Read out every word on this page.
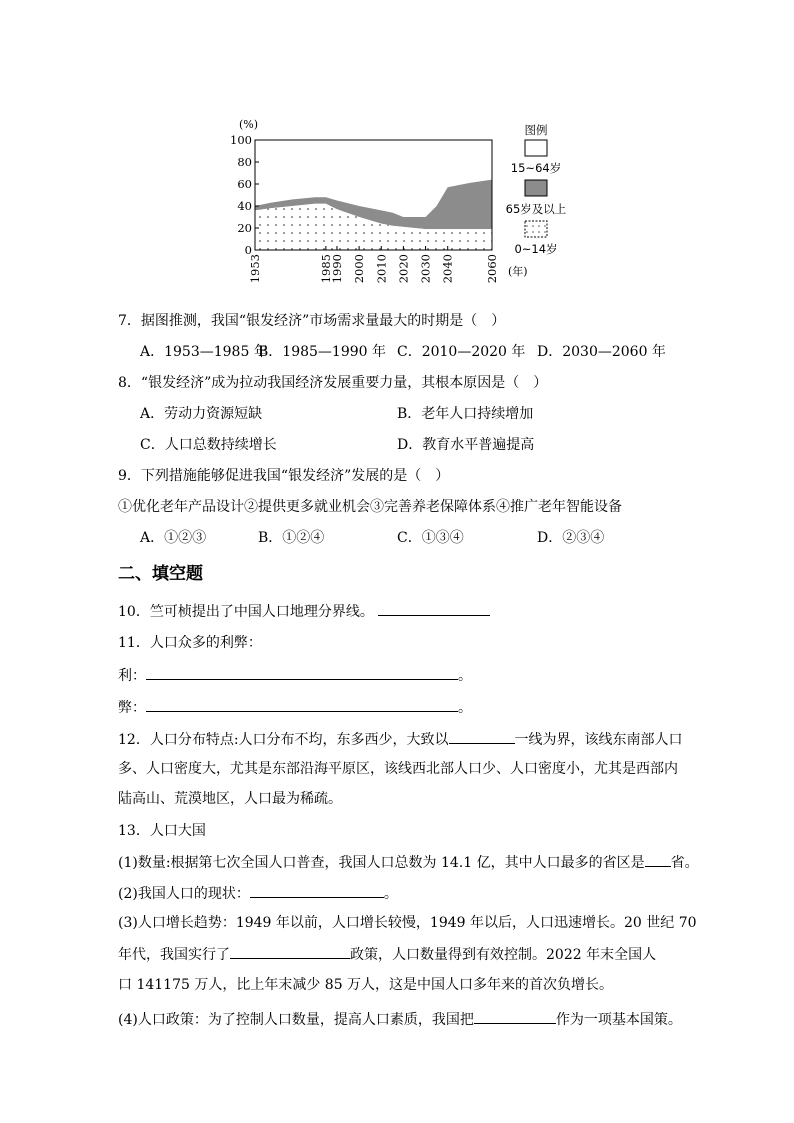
0
20
40
60
80
100
(%)
1953	1985
1990 2000 2010 2020 2030 2040	2060 (年)
图例
15~64岁
65岁及以上
0~14岁
7．据图推测，我国“银发经济”市场需求量最大的时期是（　）
A．1953—1985 年
B．1985—1990 年 C．2010—2020 年 D．2030—2060 年
8．“银发经济”成为拉动我国经济发展重要力量，其根本原因是（　）
A．劳动力资源短缺	B．老年人口持续增加
C．人口总数持续增长	D．教育水平普遍提高
9．下列措施能够促进我国“银发经济”发展的是（　）
①优化老年产品设计②提供更多就业机会③完善养老保障体系④推广老年智能设备
A．①②③	B．①②④	C．①③④	D．②③④
二、填空题
10．竺可桢提出了中国人口地理分界线。
11．人口众多的利弊：
利：	。
弊：	。
12．人口分布特点:人口分布不均，东多西少，大致以	一线为界，该线东南部人口
多、人口密度大，尤其是东部沿海平原区，该线西北部人口少、人口密度小，尤其是西部内
陆高山、荒漠地区，人口最为稀疏。
13．人口大国
(1)数量:根据第七次全国人口普查，我国人口总数为 14.1 亿，其中人口最多的省区是 省。
(2)我国人口的现状：	。
(3)人口增长趋势：1949 年以前，人口增长较慢，1949 年以后，人口迅速增长。20 世纪 70
年代，我国实行了	政策，人口数量得到有效控制。2022 年末全国人
口 141175 万人，比上年末减少 85 万人，这是中国人口多年来的首次负增长。
(4)人口政策：为了控制人口数量，提高人口素质，我国把	作为一项基本国策。
